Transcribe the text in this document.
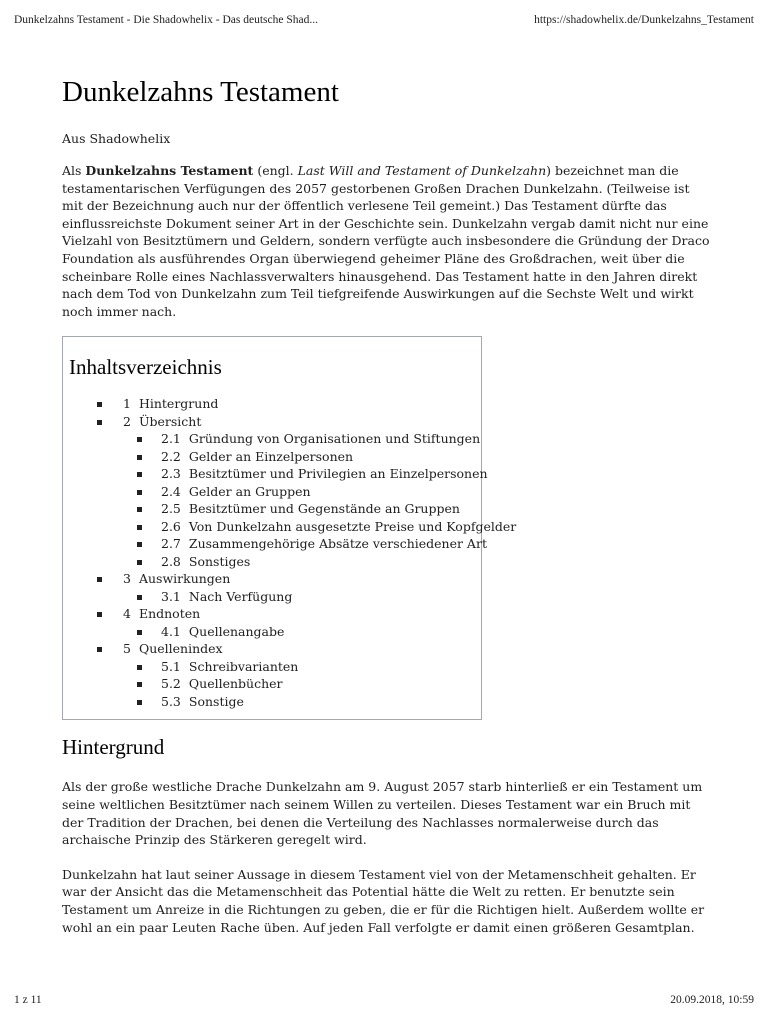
Dunkelzahns Testament - Die Shadowhelix - Das deutsche Shad...	https://shadowhelix.de/Dunkelzahns_Testament
Dunkelzahns Testament
Aus Shadowhelix

Als Dunkelzahns Testament (engl. Last Will and Testament of Dunkelzahn) bezeichnet man die testamentarischen Verfügungen des 2057 gestorbenen Großen Drachen Dunkelzahn. (Teilweise ist mit der Bezeichnung auch nur der öffentlich verlesene Teil gemeint.) Das Testament dürfte das einflussreichste Dokument seiner Art in der Geschichte sein. Dunkelzahn vergab damit nicht nur eine Vielzahl von Besitztümern und Geldern, sondern verfügte auch insbesondere die Gründung der Draco Foundation als ausführendes Organ überwiegend geheimer Pläne des Großdrachen, weit über die scheinbare Rolle eines Nachlassverwalters hinausgehend. Das Testament hatte in den Jahren direkt nach dem Tod von Dunkelzahn zum Teil tiefgreifende Auswirkungen auf die Sechste Welt und wirkt noch immer nach.

Inhaltsverzeichnis
1 Hintergrund
2 Übersicht
2.1 Gründung von Organisationen und Stiftungen
2.2 Gelder an Einzelpersonen
2.3 Besitztümer und Privilegien an Einzelpersonen
2.4 Gelder an Gruppen
2.5 Besitztümer und Gegenstände an Gruppen
2.6 Von Dunkelzahn ausgesetzte Preise und Kopfgelder
2.7 Zusammengehörige Absätze verschiedener Art
2.8 Sonstiges
3 Auswirkungen
3.1 Nach Verfügung
4 Endnoten
4.1 Quellenangabe
5 Quellenindex
5.1 Schreibvarianten
5.2 Quellenbücher
5.3 Sonstige
Hintergrund

Als der große westliche Drache Dunkelzahn am 9. August 2057 starb hinterließ er ein Testament um seine weltlichen Besitztümer nach seinem Willen zu verteilen. Dieses Testament war ein Bruch mit der Tradition der Drachen, bei denen die Verteilung des Nachlasses normalerweise durch das archaische Prinzip des Stärkeren geregelt wird.

Dunkelzahn hat laut seiner Aussage in diesem Testament viel von der Metamenschheit gehalten. Er war der Ansicht das die Metamenschheit das Potential hätte die Welt zu retten. Er benutzte sein Testament um Anreize in die Richtungen zu geben, die er für die Richtigen hielt. Außerdem wollte er wohl an ein paar Leuten Rache üben. Auf jeden Fall verfolgte er damit einen größeren Gesamtplan.

1 z 11	20.09.2018, 10:59
